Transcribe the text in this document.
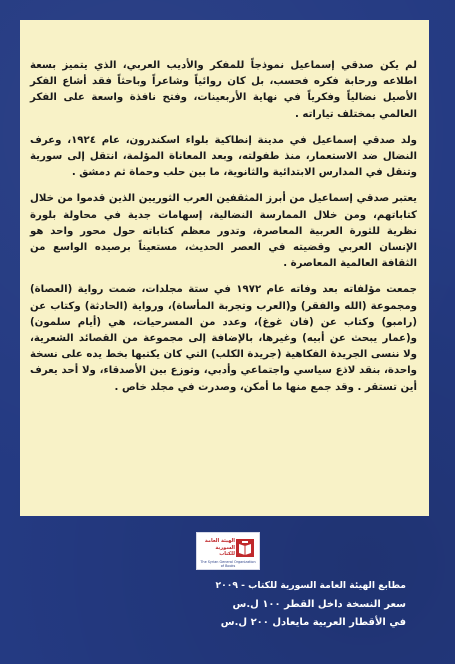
لم يكن صدقي إسماعيل نموذجاً للمفكر والأديب العربي، الذي يتميز بسعة اطلاعه ورحابة فكره فحسب، بل كان روائياً وشاعراً وباحثاً فقد أشاع الفكر الأصيل نضالياً وفكرياً في نهاية الأربعينات، وفتح نافذة واسعة على الفكر العالمي بمختلف تياراته .

ولد صدقي إسماعيل في مدينة إنطاكية بلواء اسكندرون، عام ١٩٢٤، وعرف النضال ضد الاستعمار، منذ طفولته، وبعد المعاناة المؤلمة، انتقل إلى سورية وتنقل في المدارس الابتدائية والثانوية، ما بين حلب وحماة ثم دمشق .

يعتبر صدقي إسماعيل من أبرز المثقفين العرب الثوريين الذين قدموا من خلال كتاباتهم، ومن خلال الممارسة النضالية، إسهامات جدية في محاولة بلورة نظرية للثورة العربية المعاصرة، وتدور معظم كتاباته حول محور واحد هو الإنسان العربي وقضيته في العصر الحديث، مستعيناً برصيده الواسع من الثقافة العالمية المعاصرة .

جمعت مؤلفاته بعد وفاته عام ١٩٧٢ في ستة مجلدات، ضمت رواية (العصاة) ومجموعة (الله والفقر) و(العرب وتجربة المأساة)، ورواية (الحادثة) وكتاب عن (رامبو) وكتاب عن (فان غوغ)، وعدد من المسرحيات، هي (أيام سلمون) و(عمار يبحث عن أبيه) وغيرها، بالإضافة إلى مجموعة من القصائد الشعرية، ولا ننسى الجريدة الفكاهية (جريدة الكلب) التي كان يكتبها بخط يده على نسخة واحدة، بنقد لاذع سياسي واجتماعي وأدبي، وتوزع بين الأصدقاء، ولا أحد يعرف أين تستقر . وقد جمع منها ما أمكن، وصدرت في مجلد خاص .

الهيئة العامة
السورية للكتاب
The Syrian General Organization of Books
مطابع الهيئة العامة السورية للكتاب - ٢٠٠٩
سعر النسخة داخل القطر ١٠٠ ل.س
في الأقطار العربية مايعادل ٢٠٠ ل.س
